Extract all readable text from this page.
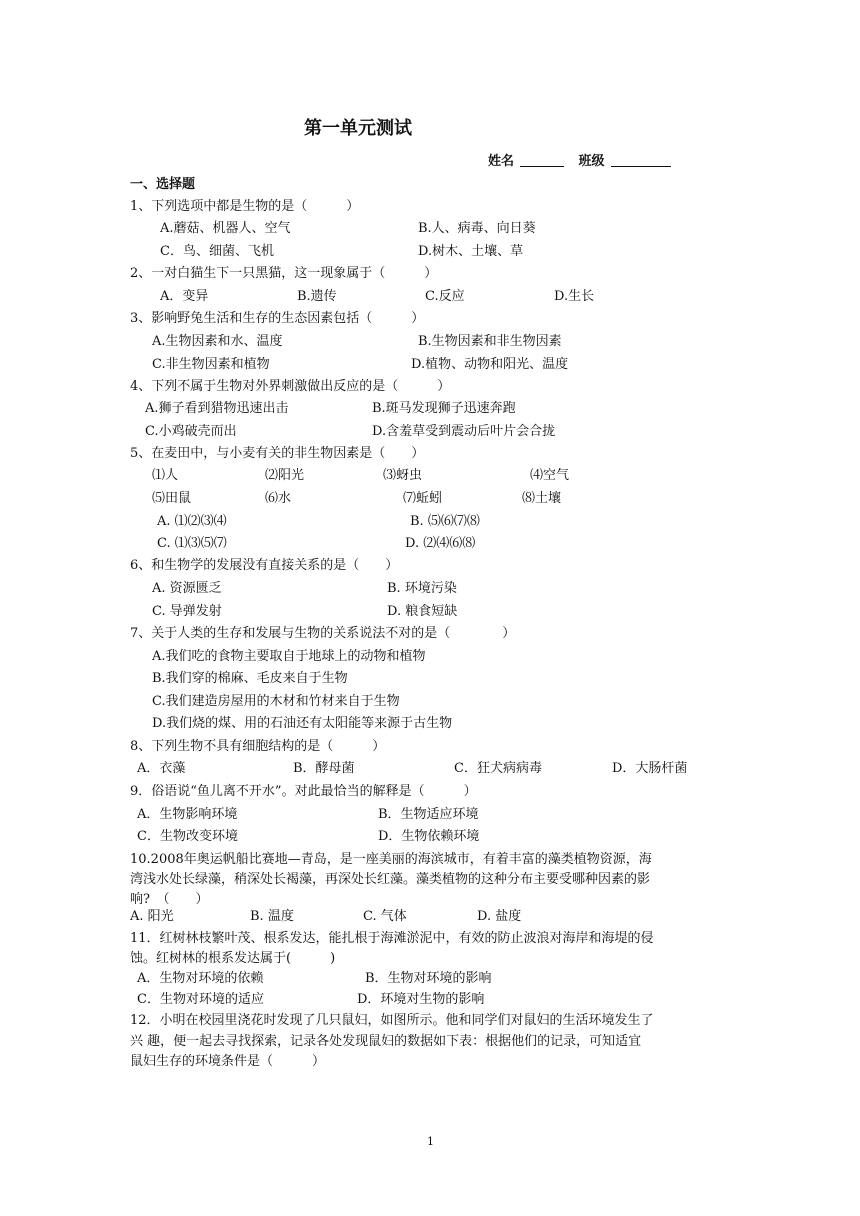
第一单元测试
姓名	班级
一、选择题
1、下列选项中都是生物的是（　　　）
A.蘑菇、机器人、空气	B.人、病毒、向日葵
C．鸟、细菌、飞机	D.树木、土壤、草
2、一对白猫生下一只黑猫，这一现象属于（　　　）
A．变异	B.遗传	C.反应	D.生长
3、影响野兔生活和生存的生态因素包括（　　　）
A.生物因素和水、温度	B.生物因素和非生物因素
C.非生物因素和植物	D.植物、动物和阳光、温度
4、下列不属于生物对外界刺激做出反应的是（　　　）
A.狮子看到猎物迅速出击	B.斑马发现狮子迅速奔跑
C.小鸡破壳而出	D.含羞草受到震动后叶片会合拢
5、在麦田中，与小麦有关的非生物因素是（　　）
⑴人	⑵阳光	⑶蚜虫	⑷空气
⑸田鼠	⑹水	⑺蚯蚓	⑻土壤
A. ⑴⑵⑶⑷	B. ⑸⑹⑺⑻
C. ⑴⑶⑸⑺	D. ⑵⑷⑹⑻
6、和生物学的发展没有直接关系的是（　　）
A. 资源匮乏	B. 环境污染
C. 导弹发射	D. 粮食短缺
7、关于人类的生存和发展与生物的关系说法不对的是（　　　　）
A.我们吃的食物主要取自于地球上的动物和植物
B.我们穿的棉麻、毛皮来自于生物
C.我们建造房屋用的木材和竹材来自于生物
D.我们烧的煤、用的石油还有太阳能等来源于古生物
8、下列生物不具有细胞结构的是（　　　）
A．衣藻	B．酵母菌	C．狂犬病病毒	D．大肠杆菌
9．俗语说“鱼儿离不开水”。对此最恰当的解释是（　　　）
A．生物影响环境	B．生物适应环境
C．生物改变环境	D．生物依赖环境
10.2008年奥运帆船比赛地—青岛，是一座美丽的海滨城市，有着丰富的藻类植物资源，海
湾浅水处长绿藻，稍深处长褐藻，再深处长红藻。藻类植物的这种分布主要受哪种因素的影
响?　（　　）
A. 阳光	B. 温度	C. 气体	D. 盐度
11．红树林枝繁叶茂、根系发达，能扎根于海滩淤泥中，有效的防止波浪对海岸和海堤的侵
蚀。红树林的根系发达属于(　　　)
A．生物对环境的依赖	B．生物对环境的影响
C．生物对环境的适应	D．环境对生物的影响
12．小明在校园里浇花时发现了几只鼠妇，如图所示。他和同学们对鼠妇的生活环境发生了
兴 趣，便一起去寻找探索，记录各处发现鼠妇的数据如下表：根据他们的记录，可知适宜
鼠妇生存的环境条件是（　　　）
1
